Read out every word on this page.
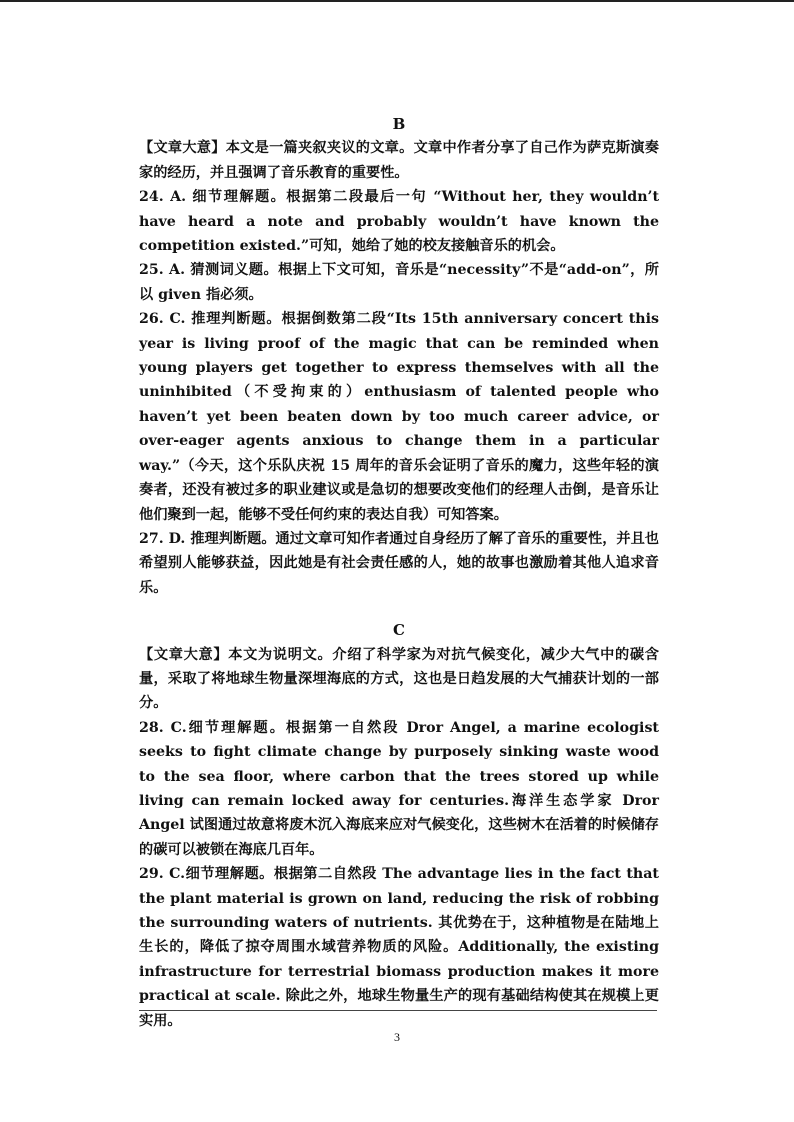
B

【文章大意】本文是一篇夹叙夹议的文章。文章中作者分享了自己作为萨克斯演奏家的经历，并且强调了音乐教育的重要性。

24. A. 细节理解题。根据第二段最后一句 “Without her, they wouldn’t have heard a note and probably wouldn’t have known the competition existed.”可知，她给了她的校友接触音乐的机会。

25. A. 猜测词义题。根据上下文可知，音乐是“necessity”不是“add-on”，所以 given 指必须。

26. C. 推理判断题。根据倒数第二段“Its 15th anniversary concert this year is living proof of the magic that can be reminded when young players get together to express themselves with all the uninhibited（不受拘束的）enthusiasm of talented people who haven’t yet been beaten down by too much career advice, or over-eager agents anxious to change them in a particular way.”（今天，这个乐队庆祝 15 周年的音乐会证明了音乐的魔力，这些年轻的演奏者，还没有被过多的职业建议或是急切的想要改变他们的经理人击倒，是音乐让他们聚到一起，能够不受任何约束的表达自我）可知答案。

27. D. 推理判断题。通过文章可知作者通过自身经历了解了音乐的重要性，并且也希望别人能够获益，因此她是有社会责任感的人，她的故事也激励着其他人追求音乐。

C

【文章大意】本文为说明文。介绍了科学家为对抗气候变化，减少大气中的碳含量，采取了将地球生物量深埋海底的方式，这也是日趋发展的大气捕获计划的一部分。

28. C.细节理解题。根据第一自然段 Dror Angel, a marine ecologist seeks to fight climate change by purposely sinking waste wood to the sea floor, where carbon that the trees stored up while living can remain locked away for centuries.海洋生态学家 Dror Angel 试图通过故意将废木沉入海底来应对气候变化，这些树木在活着的时候储存的碳可以被锁在海底几百年。

29. C.细节理解题。根据第二自然段 The advantage lies in the fact that the plant material is grown on land, reducing the risk of robbing the surrounding waters of nutrients. 其优势在于，这种植物是在陆地上生长的，降低了掠夺周围水域营养物质的风险。Additionally, the existing infrastructure for terrestrial biomass production makes it more practical at scale. 除此之外，地球生物量生产的现有基础结构使其在规模上更实用。

3
